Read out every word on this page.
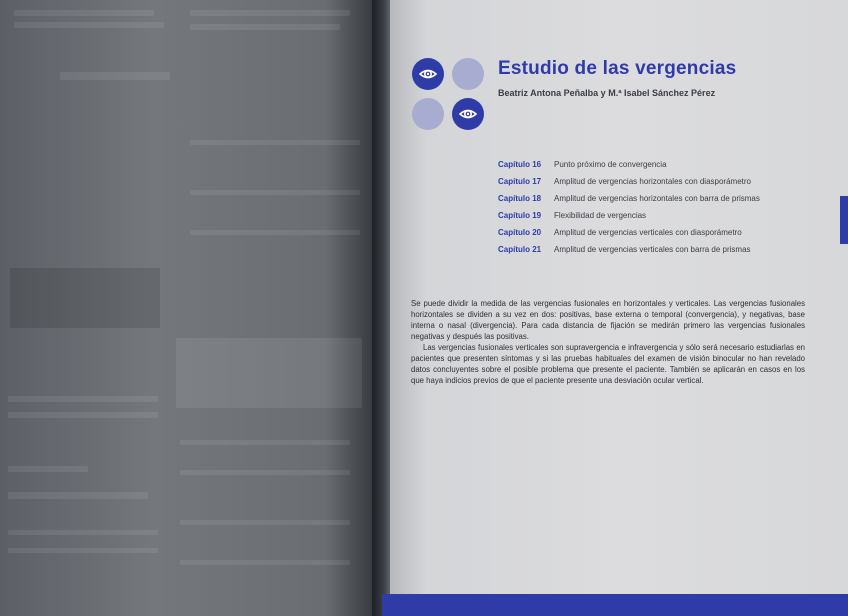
Estudio de las vergencias
Beatriz Antona Peñalba y M.ª Isabel Sánchez Pérez
Capítulo 16	Punto próximo de convergencia
Capítulo 17	Amplitud de vergencias horizontales con diasporámetro
Capítulo 18	Amplitud de vergencias horizontales con barra de prismas
Capítulo 19	Flexibilidad de vergencias
Capítulo 20	Amplitud de vergencias verticales con diasporámetro
Capítulo 21	Amplitud de vergencias verticales con barra de prismas

Se puede dividir la medida de las vergencias fusionales en horizontales y verticales. Las vergencias fusionales horizontales se dividen a su vez en dos: positivas, base externa o temporal (convergencia), y negativas, base interna o nasal (divergencia). Para cada distancia de fijación se medirán primero las vergencias fusionales negativas y después las positivas.

Las vergencias fusionales verticales son supravergencia e infravergencia y sólo será necesario estudiarlas en pacientes que presenten síntomas y si las pruebas habituales del examen de visión binocular no han revelado datos concluyentes sobre el posible problema que presente el paciente. También se aplicarán en casos en los que haya indicios previos de que el paciente presente una desviación ocular vertical.
